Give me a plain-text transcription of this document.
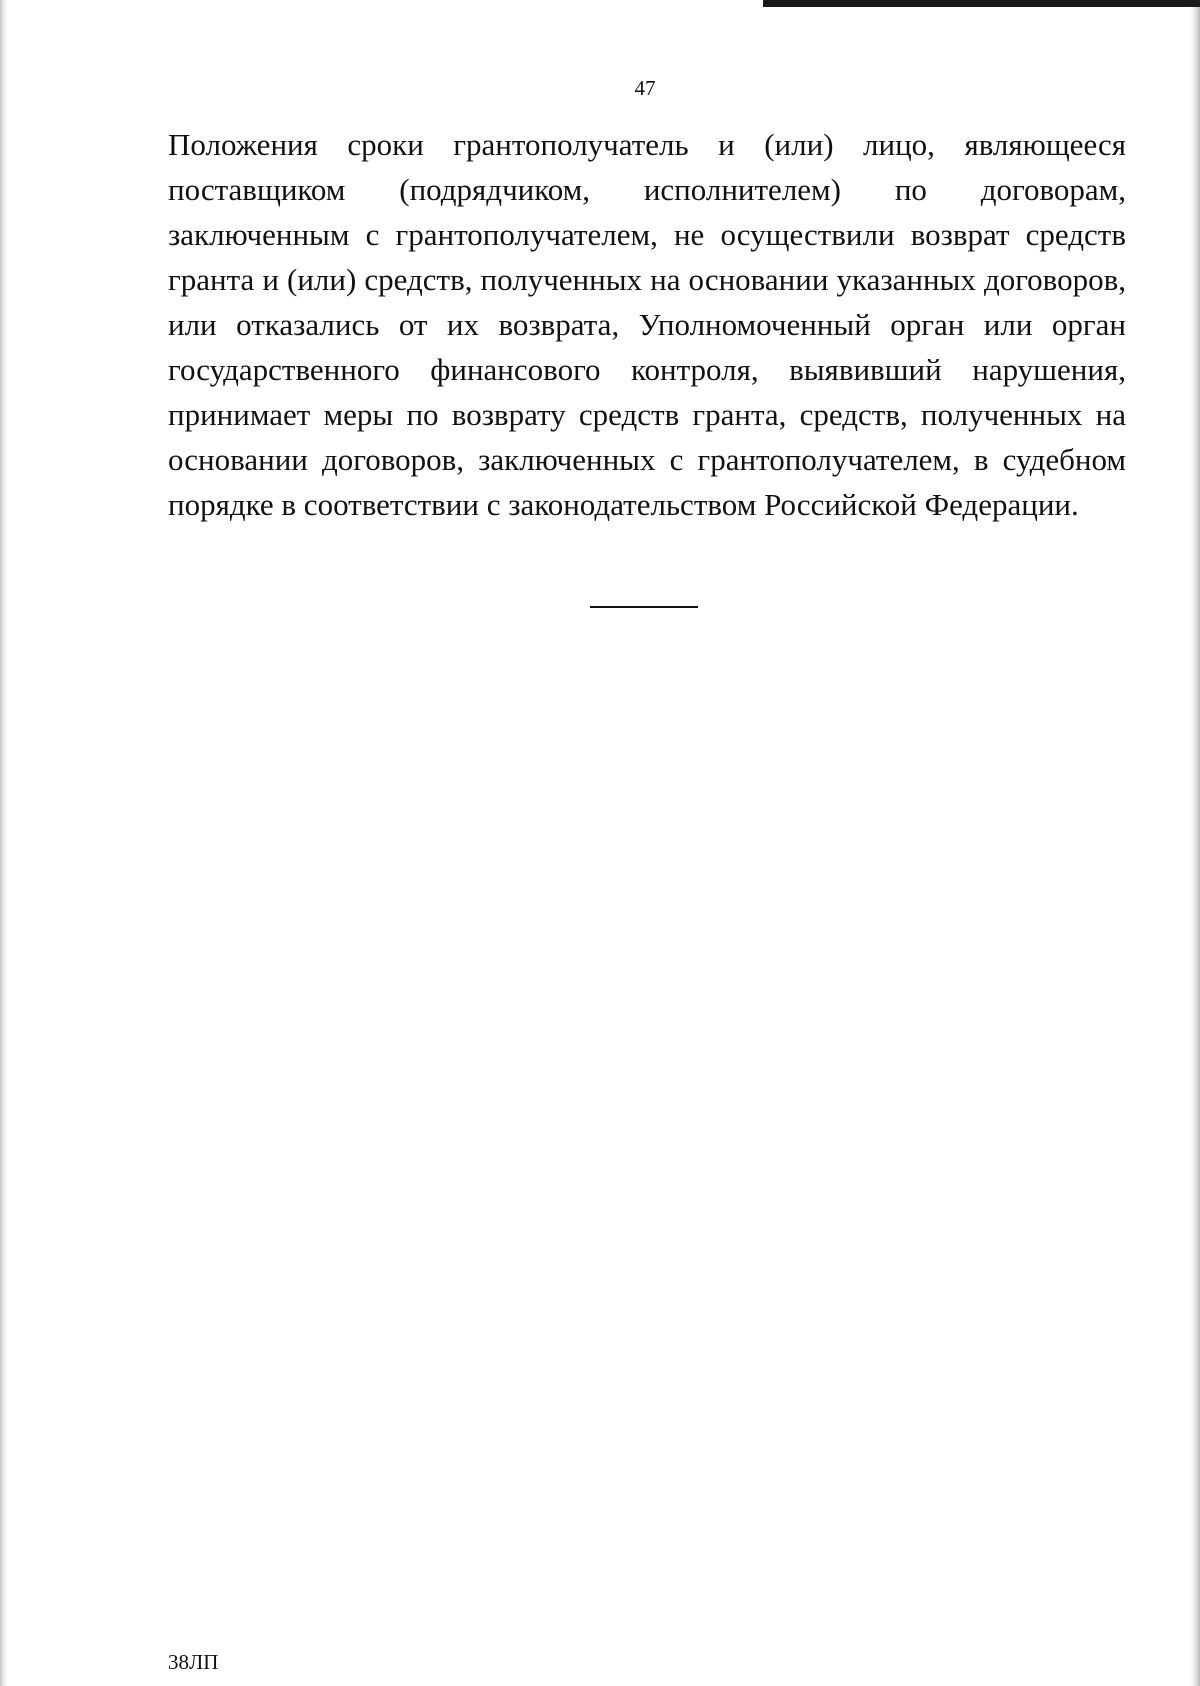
47

Положения сроки грантополучатель и (или) лицо, являющееся поставщиком (подрядчиком, исполнителем) по договорам, заключенным с грантополучателем, не осуществили возврат средств гранта и (или) средств, полученных на основании указанных договоров, или отказались от их возврата, Уполномоченный орган или орган государственного финансового контроля, выявивший нарушения, принимает меры по возврату средств гранта, средств, полученных на основании договоров, заключенных с грантополучателем, в судебном порядке в соответствии с законодательством Российской Федерации.

38ЛП
